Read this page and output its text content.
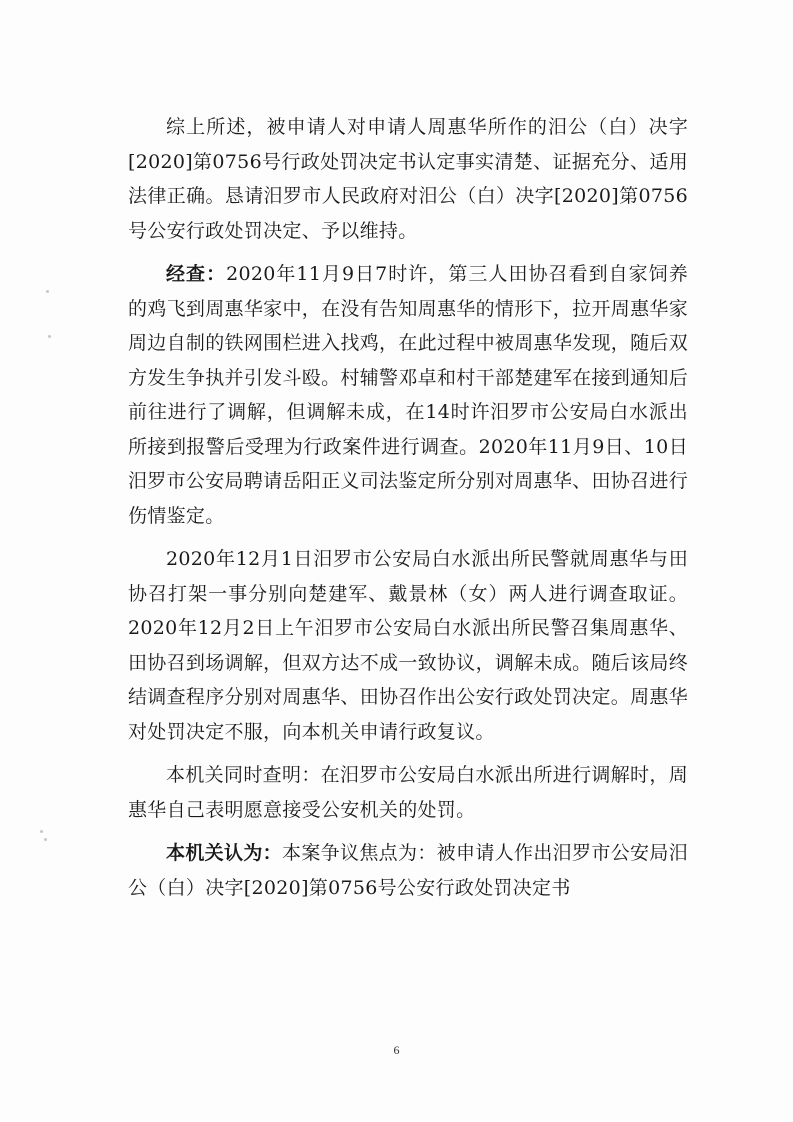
综上所述，被申请人对申请人周惠华所作的汨公（白）决字[2020]第0756号行政处罚决定书认定事实清楚、证据充分、适用法律正确。恳请汨罗市人民政府对汨公（白）决字[2020]第0756号公安行政处罚决定、予以维持。

经查：2020年11月9日7时许，第三人田协召看到自家饲养的鸡飞到周惠华家中，在没有告知周惠华的情形下，拉开周惠华家周边自制的铁网围栏进入找鸡，在此过程中被周惠华发现，随后双方发生争执并引发斗殴。村辅警邓卓和村干部楚建军在接到通知后前往进行了调解，但调解未成，在14时许汨罗市公安局白水派出所接到报警后受理为行政案件进行调查。2020年11月9日、10日汨罗市公安局聘请岳阳正义司法鉴定所分别对周惠华、田协召进行伤情鉴定。

2020年12月1日汨罗市公安局白水派出所民警就周惠华与田协召打架一事分别向楚建军、戴景林（女）两人进行调查取证。2020年12月2日上午汨罗市公安局白水派出所民警召集周惠华、田协召到场调解，但双方达不成一致协议，调解未成。随后该局终结调查程序分别对周惠华、田协召作出公安行政处罚决定。周惠华对处罚决定不服，向本机关申请行政复议。

本机关同时查明：在汨罗市公安局白水派出所进行调解时，周惠华自己表明愿意接受公安机关的处罚。

本机关认为：本案争议焦点为：被申请人作出汨罗市公安局汨公（白）决字[2020]第0756号公安行政处罚决定书

6
